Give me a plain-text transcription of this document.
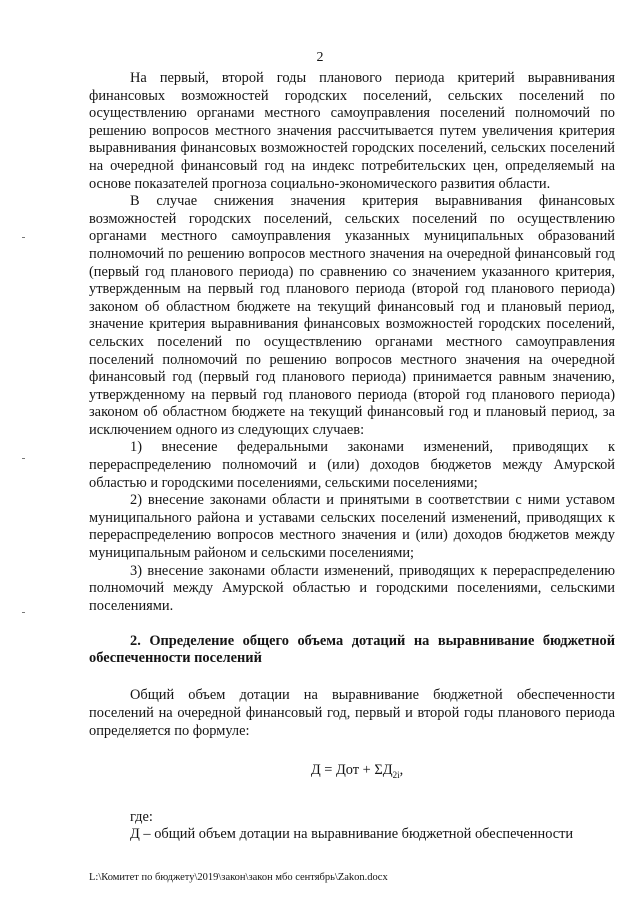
2

На первый, второй годы планового периода критерий выравнивания финансовых возможностей городских поселений, сельских поселений по осуществлению органами местного самоуправления поселений полномочий по решению вопросов местного значения рассчитывается путем увеличения критерия выравнивания финансовых возможностей городских поселений, сельских поселений на очередной финансовый год на индекс потребительских цен, определяемый на основе показателей прогноза социально-экономического развития области.

В случае снижения значения критерия выравнивания финансовых возможностей городских поселений, сельских поселений по осуществлению органами местного самоуправления указанных муниципальных образований полномочий по решению вопросов местного значения на очередной финансовый год (первый год планового периода) по сравнению со значением указанного критерия, утвержденным на первый год планового периода (второй год планового периода) законом об областном бюджете на текущий финансовый год и плановый период, значение критерия выравнивания финансовых возможностей городских поселений, сельских поселений по осуществлению органами местного самоуправления поселений полномочий по решению вопросов местного значения на очередной финансовый год (первый год планового периода) принимается равным значению, утвержденному на первый год планового периода (второй год планового периода) законом об областном бюджете на текущий финансовый год и плановый период, за исключением одного из следующих случаев:

1) внесение федеральными законами изменений, приводящих к перераспределению полномочий и (или) доходов бюджетов между Амурской областью и городскими поселениями, сельскими поселениями;

2) внесение законами области и принятыми в соответствии с ними уставом муниципального района и уставами сельских поселений изменений, приводящих к перераспределению вопросов местного значения и (или) доходов бюджетов между муниципальным районом и сельскими поселениями;

3) внесение законами области изменений, приводящих к перераспределению полномочий между Амурской областью и городскими поселениями, сельскими поселениями.

2. Определение общего объема дотаций на выравнивание бюджетной обеспеченности поселений

Общий объем дотации на выравнивание бюджетной обеспеченности поселений на очередной финансовый год, первый и второй годы планового периода определяется по формуле:

Д = Дот + $\Sigma Д_{2i}$,

где:

Д – общий объем дотации на выравнивание бюджетной обеспеченности

L:\Комитет по бюджету\2019\закон\закон мбо сентябрь\Zakon.docx
